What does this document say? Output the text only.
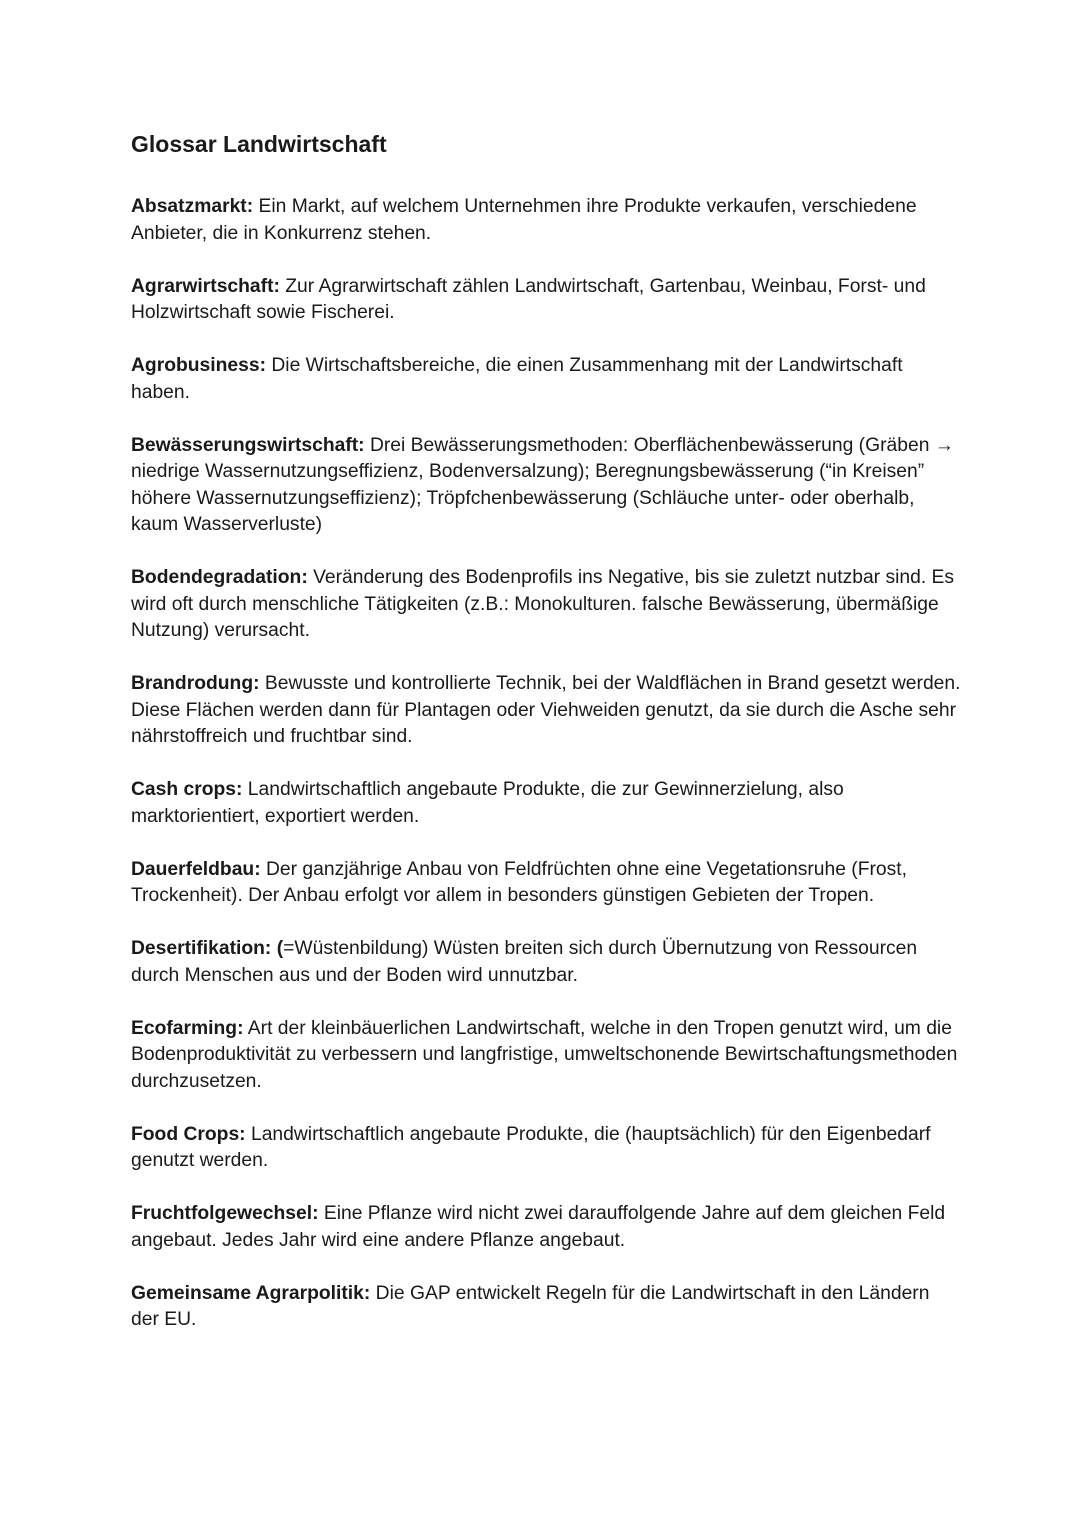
Glossar Landwirtschaft

Absatzmarkt: Ein Markt, auf welchem Unternehmen ihre Produkte verkaufen, verschiedene Anbieter, die in Konkurrenz stehen.

Agrarwirtschaft: Zur Agrarwirtschaft zählen Landwirtschaft, Gartenbau, Weinbau, Forst- und Holzwirtschaft sowie Fischerei.

Agrobusiness: Die Wirtschaftsbereiche, die einen Zusammenhang mit der Landwirtschaft haben.

Bewässerungswirtschaft: Drei Bewässerungsmethoden: Oberflächenbewässerung (Gräben → niedrige Wassernutzungseffizienz, Bodenversalzung); Beregnungsbewässerung (“in Kreisen” höhere Wassernutzungseffizienz); Tröpfchenbewässerung (Schläuche unter- oder oberhalb, kaum Wasserverluste)

Bodendegradation: Veränderung des Bodenprofils ins Negative, bis sie zuletzt nutzbar sind. Es wird oft durch menschliche Tätigkeiten (z.B.: Monokulturen. falsche Bewässerung, übermäßige Nutzung) verursacht.

Brandrodung: Bewusste und kontrollierte Technik, bei der Waldflächen in Brand gesetzt werden. Diese Flächen werden dann für Plantagen oder Viehweiden genutzt, da sie durch die Asche sehr nährstoffreich und fruchtbar sind.

Cash crops: Landwirtschaftlich angebaute Produkte, die zur Gewinnerzielung, also marktorientiert, exportiert werden.

Dauerfeldbau: Der ganzjährige Anbau von Feldfrüchten ohne eine Vegetationsruhe (Frost, Trockenheit). Der Anbau erfolgt vor allem in besonders günstigen Gebieten der Tropen.

Desertifikation: (=Wüstenbildung) Wüsten breiten sich durch Übernutzung von Ressourcen durch Menschen aus und der Boden wird unnutzbar.

Ecofarming: Art der kleinbäuerlichen Landwirtschaft, welche in den Tropen genutzt wird, um die Bodenproduktivität zu verbessern und langfristige, umweltschonende Bewirtschaftungsmethoden durchzusetzen.

Food Crops: Landwirtschaftlich angebaute Produkte, die (hauptsächlich) für den Eigenbedarf genutzt werden.

Fruchtfolgewechsel: Eine Pflanze wird nicht zwei darauffolgende Jahre auf dem gleichen Feld angebaut. Jedes Jahr wird eine andere Pflanze angebaut.

Gemeinsame Agrarpolitik: Die GAP entwickelt Regeln für die Landwirtschaft in den Ländern der EU.
